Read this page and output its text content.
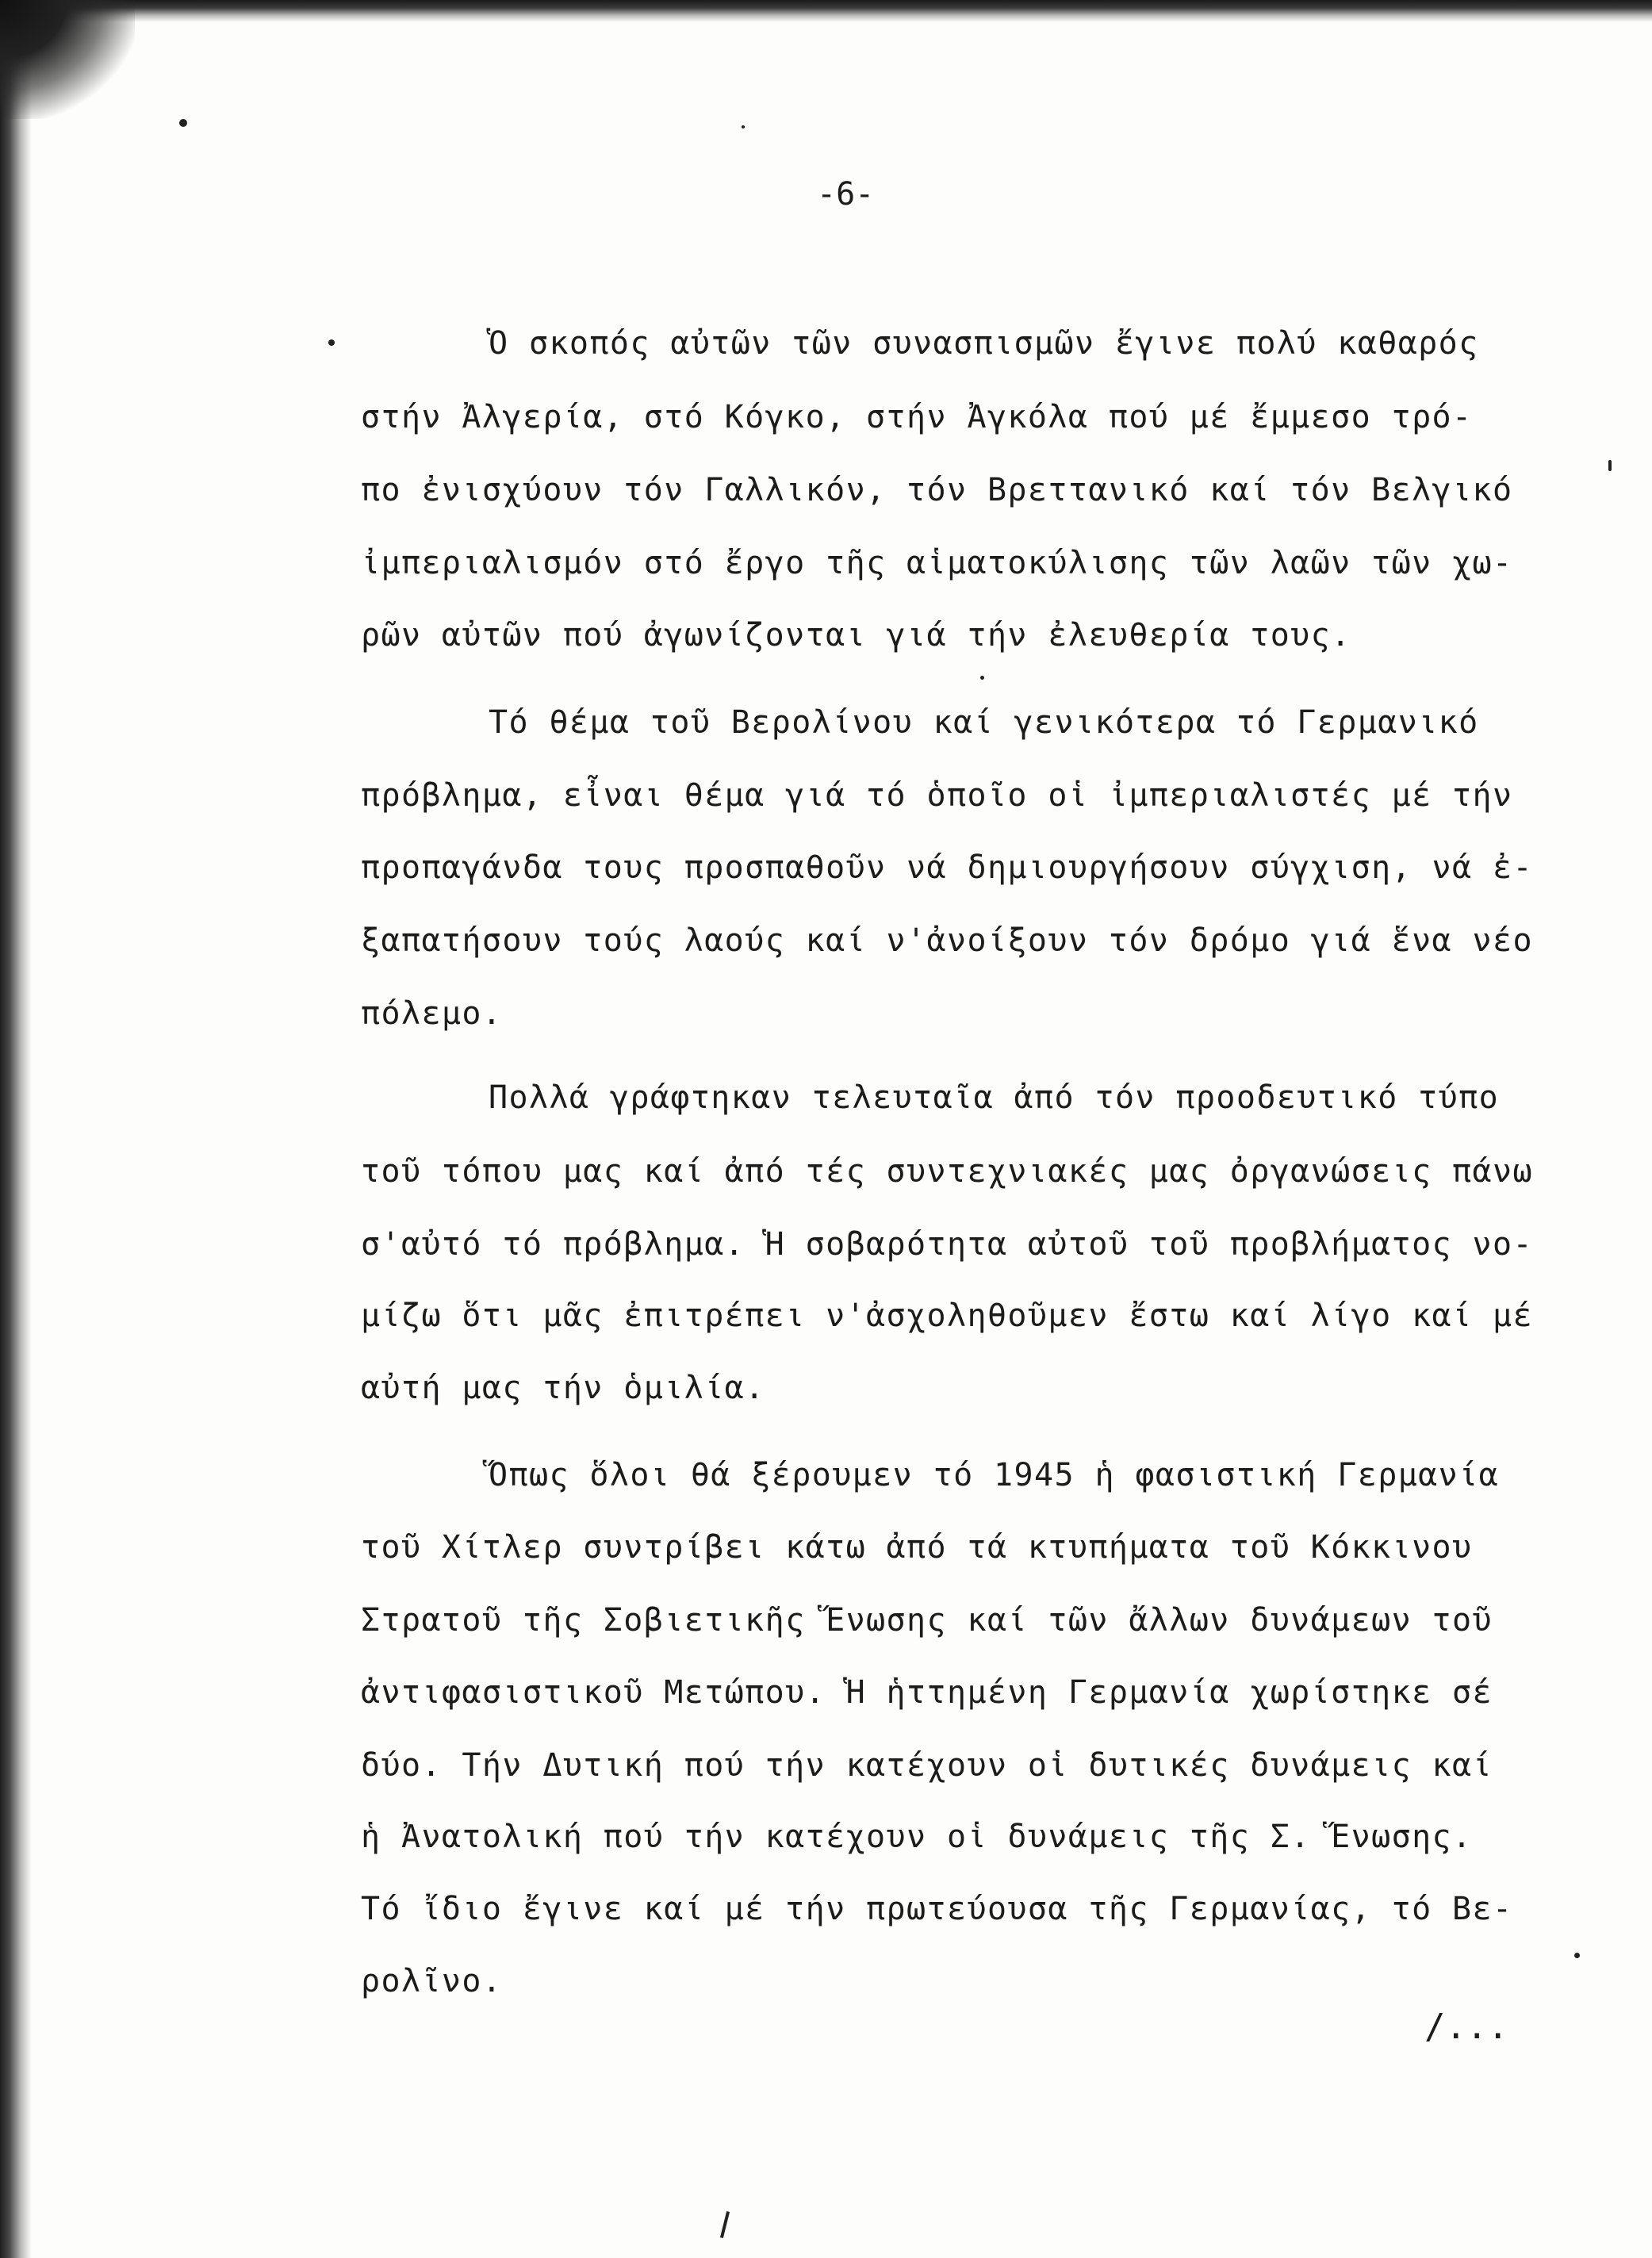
-6-
Ὁ σκοπός αὐτῶν τῶν συνασπισμῶν ἔγινε πολύ καθαρός
στήν Ἀλγερία, στό Κόγκο, στήν Ἀγκόλα πού μέ ἔμμεσο τρό-
πο ἐνισχύουν τόν Γαλλικόν, τόν Βρεττανικό καί τόν Βελγικό
ἰμπεριαλισμόν στό ἔργο τῆς αἱματοκύλισης τῶν λαῶν τῶν χω-
ρῶν αὐτῶν πού ἀγωνίζονται γιά τήν ἐλευθερία τους.
Τό θέμα τοῦ Βερολίνου καί γενικότερα τό Γερμανικό
πρόβλημα, εἶναι θέμα γιά τό ὁποῖο οἱ ἰμπεριαλιστές μέ τήν
προπαγάνδα τους προσπαθοῦν νά δημιουργήσουν σύγχιση, νά ἐ-
ξαπατήσουν τούς λαούς καί ν'ἀνοίξουν τόν δρόμο γιά ἕνα νέο
πόλεμο.
Πολλά γράφτηκαν τελευταῖα ἀπό τόν προοδευτικό τύπο
τοῦ τόπου μας καί ἀπό τές συντεχνιακές μας ὀργανώσεις πάνω
σ'αὐτό τό πρόβλημα. Ἡ σοβαρότητα αὐτοῦ τοῦ προβλήματος νο-
μίζω ὅτι μᾶς ἐπιτρέπει ν'ἀσχοληθοῦμεν ἔστω καί λίγο καί μέ
αὐτή μας τήν ὁμιλία.
Ὅπως ὅλοι θά ξέρουμεν τό 1945 ἡ φασιστική Γερμανία
τοῦ Χίτλερ συντρίβει κάτω ἀπό τά κτυπήματα τοῦ Κόκκινου
Στρατοῦ τῆς Σοβιετικῆς Ἕνωσης καί τῶν ἄλλων δυνάμεων τοῦ
ἀντιφασιστικοῦ Μετώπου. Ἡ ἡττημένη Γερμανία χωρίστηκε σέ
δύο. Τήν Δυτική πού τήν κατέχουν οἱ δυτικές δυνάμεις καί
ἡ Ἀνατολική πού τήν κατέχουν οἱ δυνάμεις τῆς Σ. Ἕνωσης.
Τό ἴδιο ἔγινε καί μέ τήν πρωτεύουσα τῆς Γερμανίας, τό Βε-
ρολῖνο.
/...
